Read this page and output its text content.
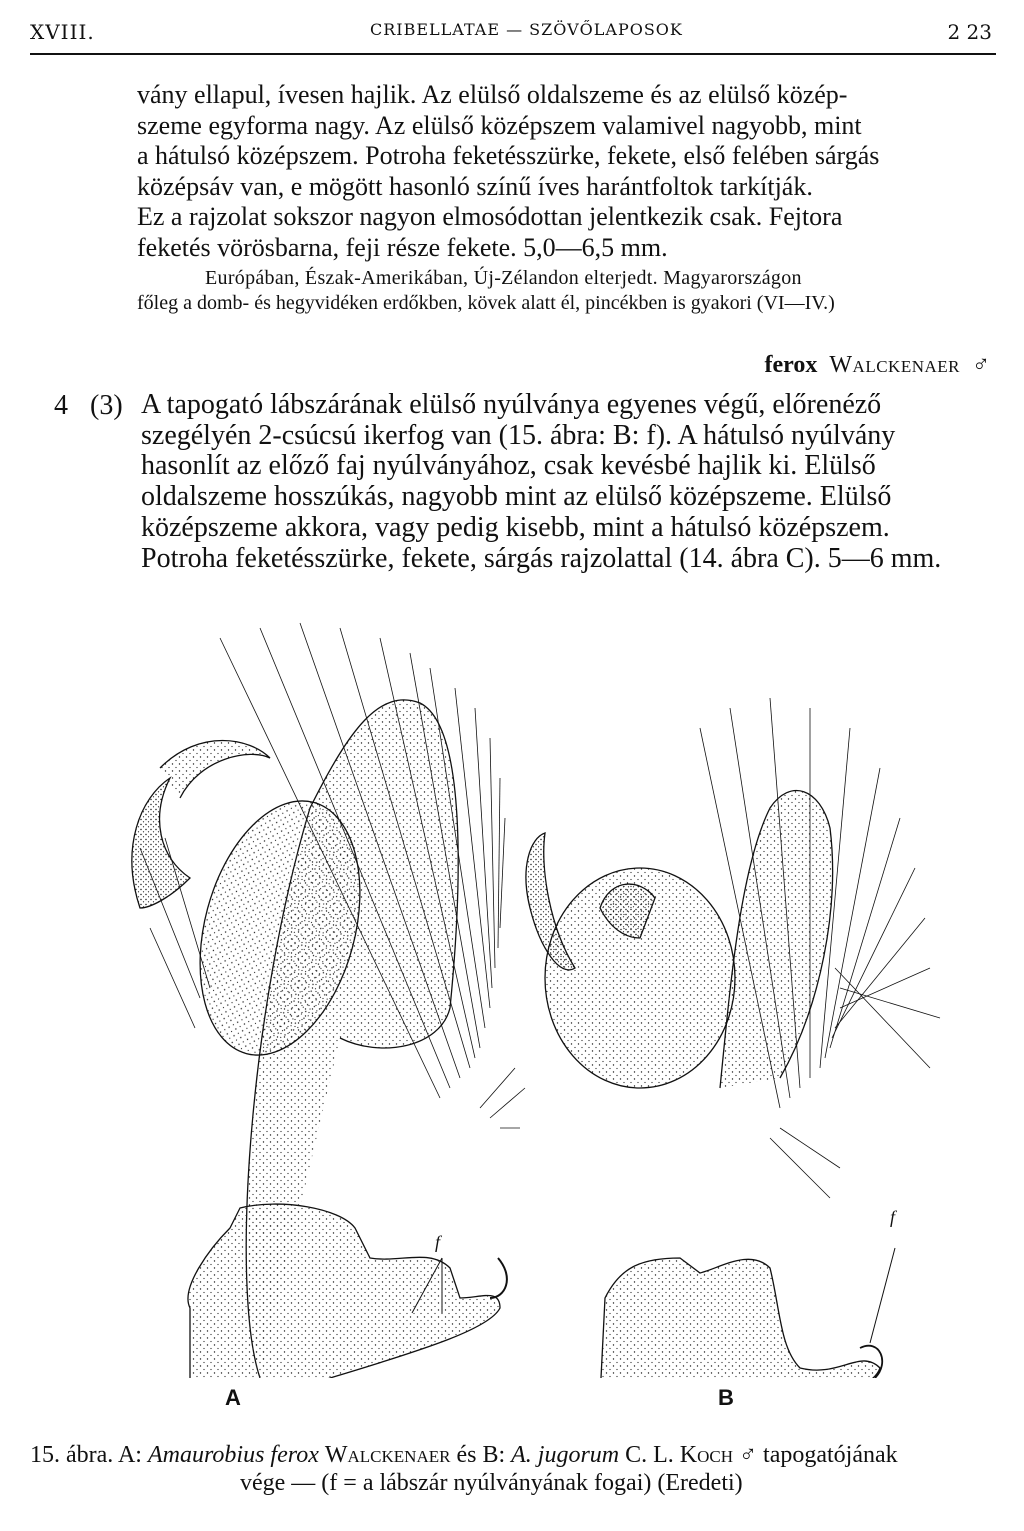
XVIII.	CRIBELLATAE — SZÖVŐLAPOSOK	2 23
vány ellapul, ívesen hajlik. Az elülső oldalszeme és az elülső közép-
szeme egyforma nagy. Az elülső középszem valamivel nagyobb, mint
a hátulsó középszem. Potroha feketésszürke, fekete, első felében sárgás
középsáv van, e mögött hasonló színű íves harántfoltok tarkítják.
Ez a rajzolat sokszor nagyon elmosódottan jelentkezik csak. Fejtora
feketés vörösbarna, feji része fekete. 5,0—6,5 mm.
Európában, Észak-Amerikában, Új-Zélandon elterjedt. Magyarországon
főleg a domb- és hegyvidéken erdőkben, kövek alatt él, pincékben is gyakori (VI—IV.)
ferox Walckenaer ♂
4 (3) A tapogató lábszárának elülső nyúlványa egyenes végű, előrenéző
szegélyén 2-csúcsú ikerfog van (15. ábra: B: f). A hátulsó nyúlvány
hasonlít az előző faj nyúlványához, csak kevésbé hajlik ki. Elülső
oldalszeme hosszúkás, nagyobb mint az elülső középszeme. Elülső
középszeme akkora, vagy pedig kisebb, mint a hátulsó középszem.
Potroha feketésszürke, fekete, sárgás rajzolattal (14. ábra C). 5—6 mm.
f
f
A	B
15. ábra. A: Amaurobius ferox Walckenaer és B: A. jugorum C. L. Koch ♂ tapogatójának
vége — (f = a lábszár nyúlványának fogai) (Eredeti)
